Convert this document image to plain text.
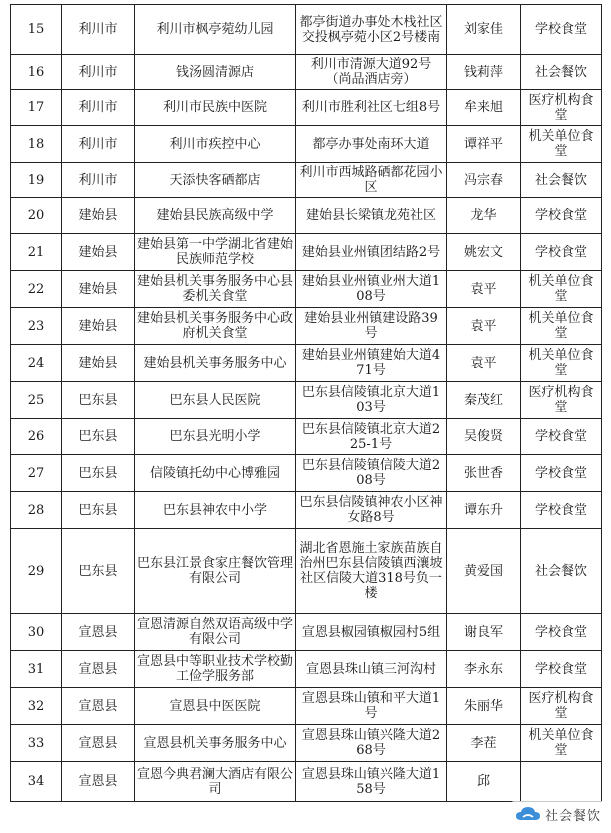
15	利川市	利川市枫亭菀幼儿园	都亭街道办事处木栈社区交投枫亭菀小区2号楼南	刘家佳	学校食堂
16	利川市	钱汤圆清源店	利川市清源大道92号（尚品酒店旁）	钱莉萍	社会餐饮
17	利川市	利川市民族中医院	利川市胜利社区七组8号	牟来旭	医疗机构食堂
18	利川市	利川市疾控中心	都亭办事处南环大道	谭祥平	机关单位食堂
19	利川市	天添快客硒都店	利川市西城路硒都花园小区	冯宗春	社会餐饮
20	建始县	建始县民族高级中学	建始县长梁镇龙苑社区	龙华	学校食堂
21	建始县	建始县第一中学湖北省建始民族师范学校	建始县业州镇团结路2号	姚宏文	学校食堂
22	建始县	建始县机关事务服务中心县委机关食堂	建始县业州镇业州大道108号	袁平	机关单位食堂
23	建始县	建始县机关事务服务中心政府机关食堂	建始县业州镇建设路39号	袁平	机关单位食堂
24	建始县	建始县机关事务服务中心	建始县业州镇建始大道471号	袁平	机关单位食堂
25	巴东县	巴东县人民医院	巴东县信陵镇北京大道103号	秦茂红	医疗机构食堂
26	巴东县	巴东县光明小学	巴东县信陵镇北京大道225-1号	吴俊贤	学校食堂
27	巴东县	信陵镇托幼中心博雅园	巴东县信陵镇信陵大道208号	张世香	学校食堂
28	巴东县	巴东县神农中小学	巴东县信陵镇神农小区神女路8号	谭东升	学校食堂
29	巴东县	巴东县江景食家庄餐饮管理有限公司	湖北省恩施土家族苗族自治州巴东县信陵镇西瀼坡社区信陵大道318号负一楼	黄爱国	社会餐饮
30	宣恩县	宣恩清源自然双语高级中学有限公司	宣恩县椒园镇椒园村5组	谢良军	学校食堂
31	宣恩县	宣恩县中等职业技术学校勤工俭学服务部	宣恩县珠山镇三河沟村	李永东	学校食堂
32	宣恩县	宣恩县中医医院	宣恩县珠山镇和平大道1号	朱丽华	医疗机构食堂
33	宣恩县	宣恩县机关事务服务中心	宣恩县珠山镇兴隆大道268号	李茬	机关单位食堂
34	宣恩县	宣恩今典君澜大酒店有限公司	宣恩县珠山镇兴隆大道158号	邱	
社会餐饮
